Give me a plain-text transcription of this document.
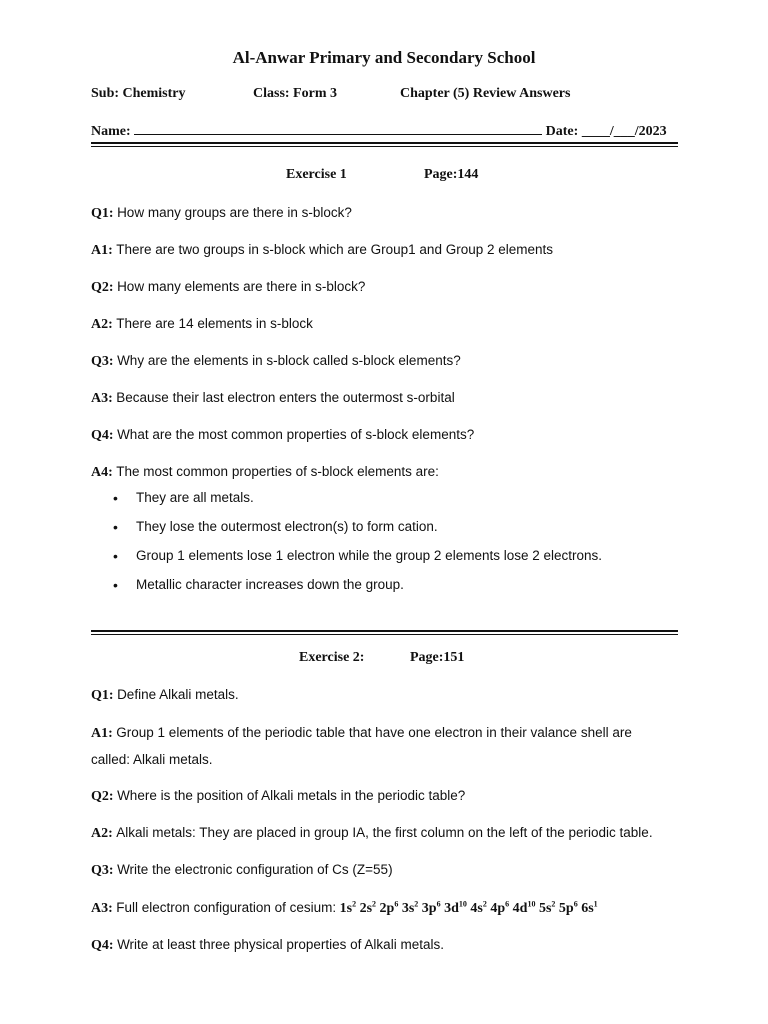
Al-Anwar Primary and Secondary School
Sub: Chemistry	Class: Form 3	Chapter (5) Review Answers
Name:	Date: ____/___/2023
Exercise 1	Page:144
Q1: How many groups are there in s-block?
A1: There are two groups in s-block which are Group1 and Group 2 elements
Q2: How many elements are there in s-block?
A2: There are 14 elements in s-block
Q3: Why are the elements in s-block called s-block elements?
A3: Because their last electron enters the outermost s-orbital
Q4: What are the most common properties of s-block elements?
A4: The most common properties of s-block elements are:
• They are all metals.
• They lose the outermost electron(s) to form cation.
• Group 1 elements lose 1 electron while the group 2 elements lose 2 electrons.
• Metallic character increases down the group.
Exercise 2:	Page:151
Q1: Define Alkali metals.
A1: Group 1 elements of the periodic table that have one electron in their valance shell are
called: Alkali metals.
Q2: Where is the position of Alkali metals in the periodic table?
A2: Alkali metals: They are placed in group IA, the first column on the left of the periodic table.
Q3: Write the electronic configuration of Cs (Z=55)
A3: Full electron configuration of cesium: $1s^2$ $2s^2$ $2p^6$ $3s^2$ $3p^6$ $3d^{10}$ $4s^2$ $4p^6$ $4d^{10}$ $5s^2$ $5p^6$ $6s^1$
Q4: Write at least three physical properties of Alkali metals.
